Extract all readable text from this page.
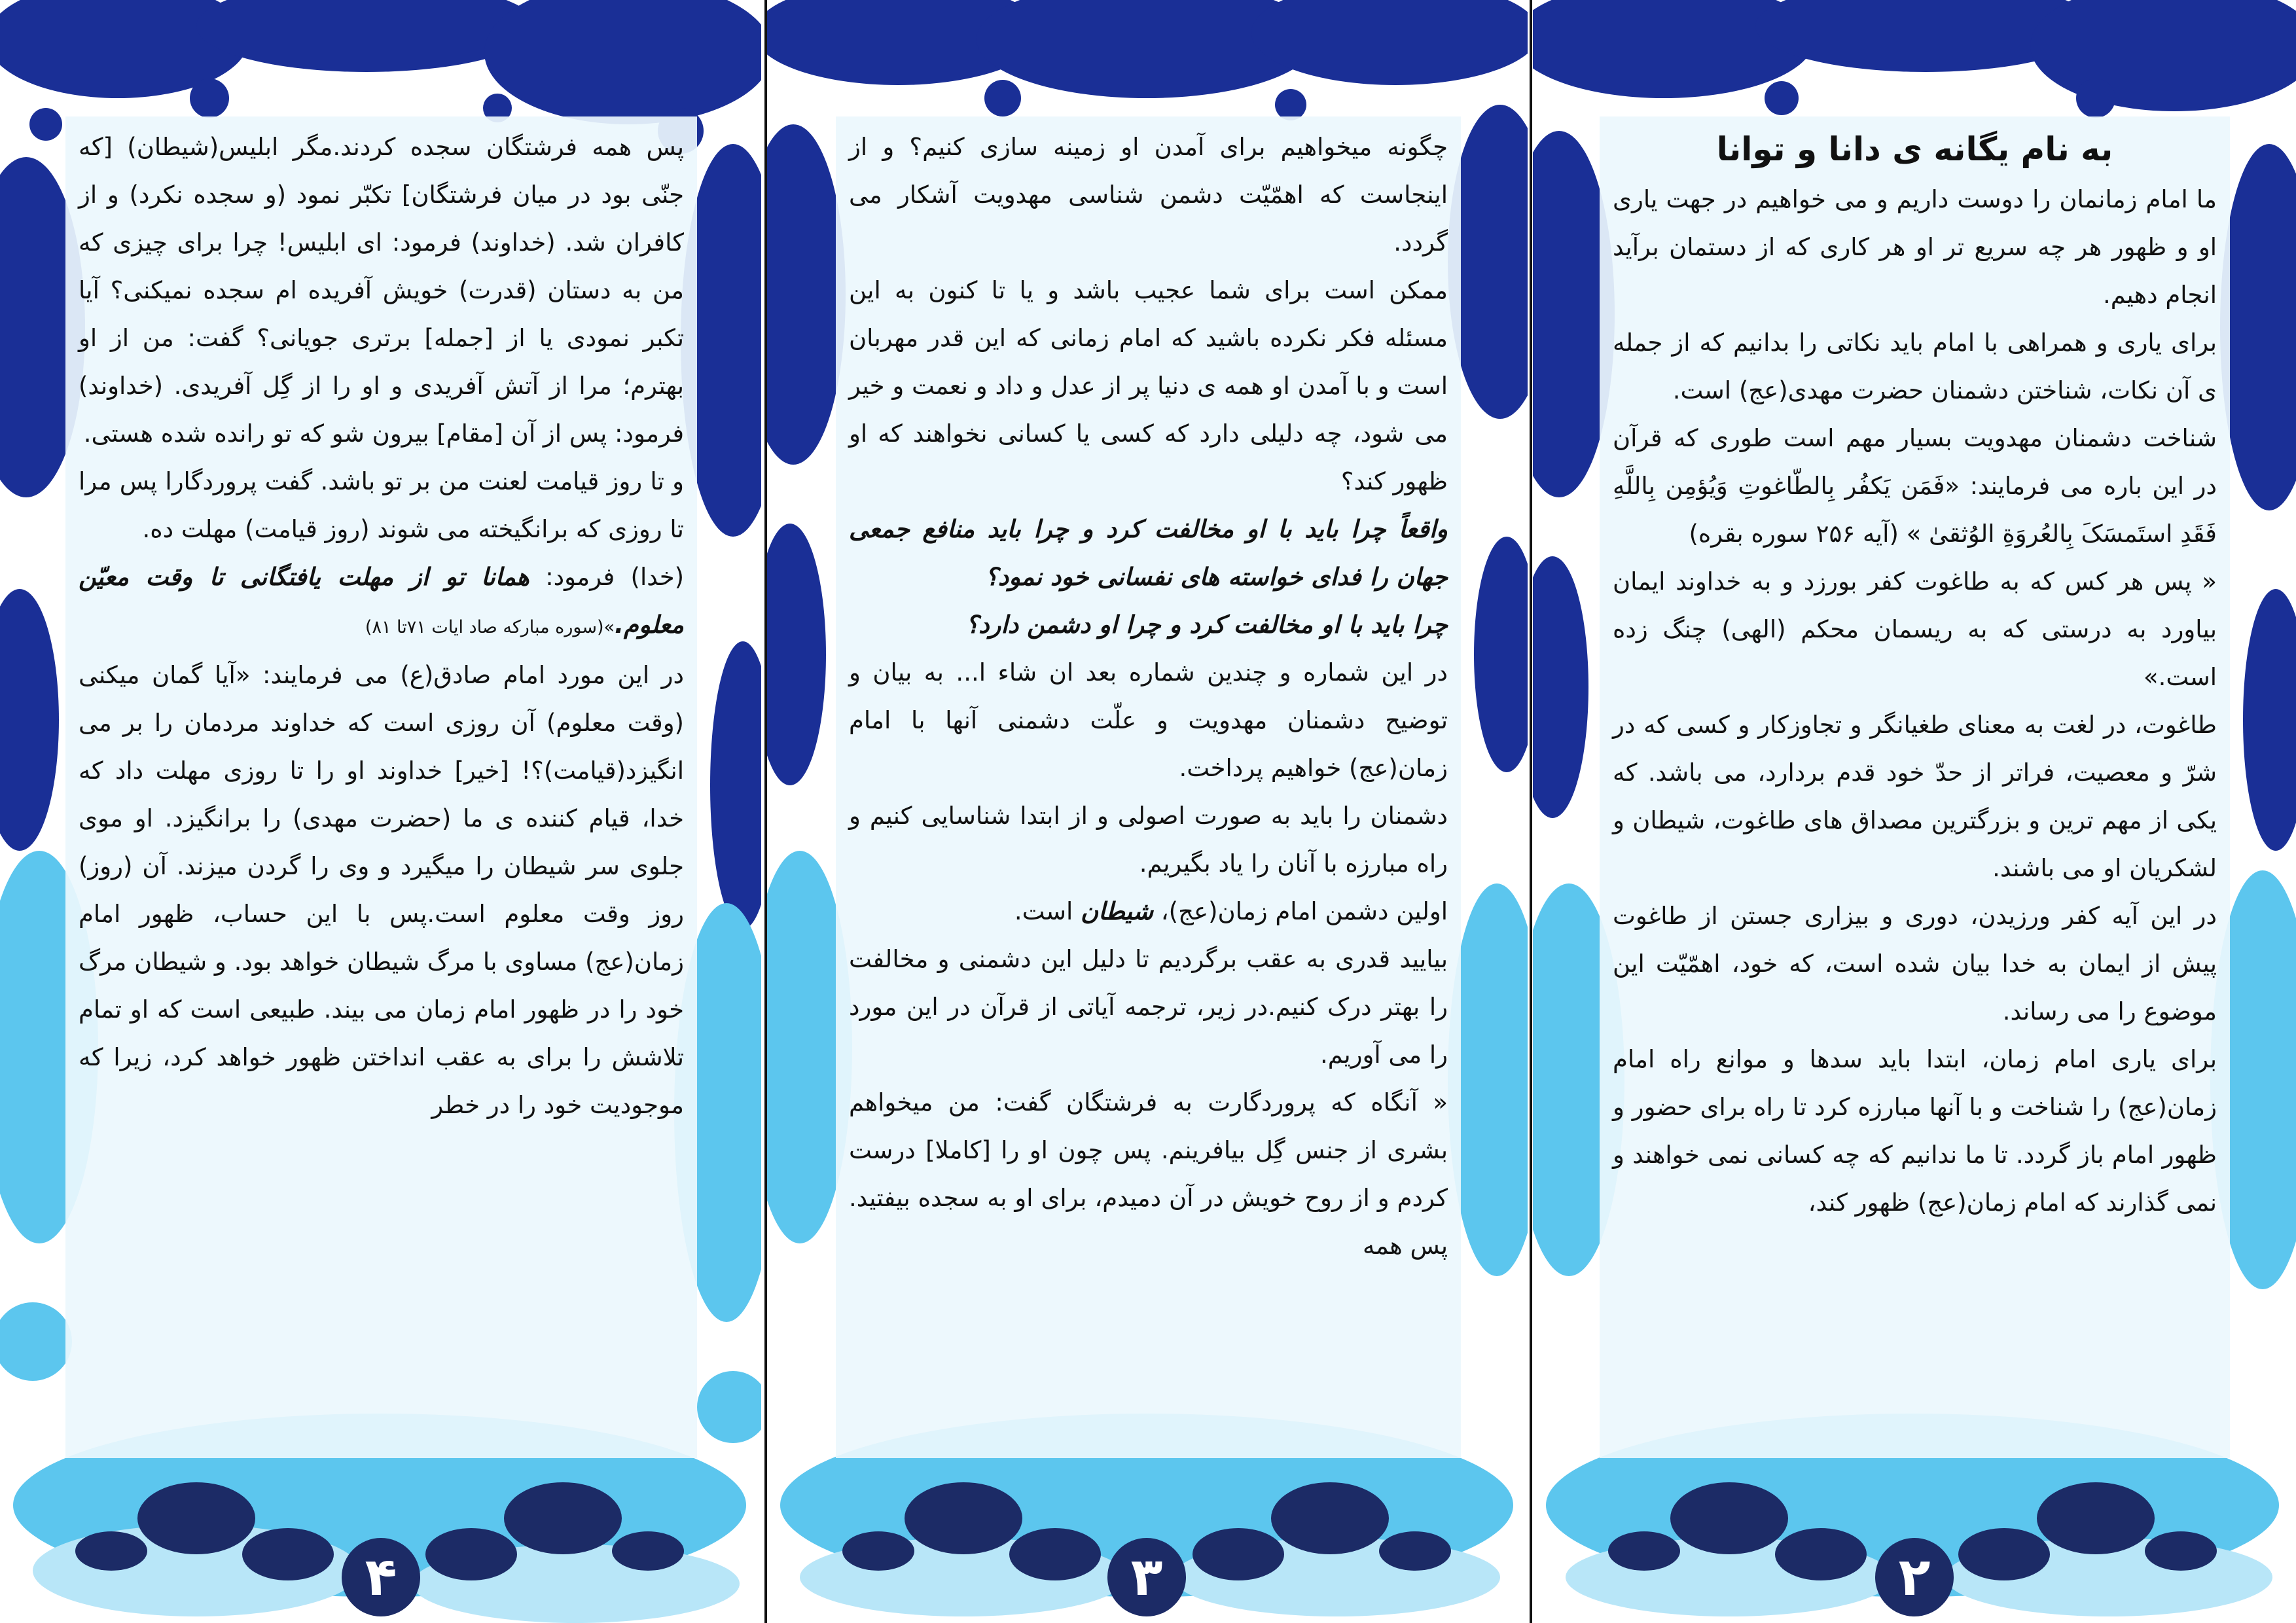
پس همه فرشتگان سجده کردند.مگر ابلیس(شیطان) [که جنّی بود در میان فرشتگان] تکبّر نمود (و سجده نکرد) و از کافران شد. (خداوند) فرمود: ای ابلیس! چرا برای چیزی که من به دستان (قدرت) خویش آفریده ام سجده نمیکنی؟ آیا تکبر نمودی یا از [جمله] برتری جویانی؟ گفت: من از او بهترم؛ مرا از آتش آفریدی و او را از گِل آفریدی. (خداوند) فرمود: پس از آن [مقام] بیرون شو که تو رانده شده هستی.

و تا روز قیامت لعنت من بر تو باشد. گفت پروردگارا پس مرا تا روزی که برانگیخته می شوند (روز قیامت) مهلت ده.

(خدا) فرمود: همانا تو از مهلت یافتگانی تا وقت معیّن معلوم.»(سوره مبارکه صاد ایات ۷۱تا ۸۱)

در این مورد امام صادق(ع) می فرمایند: «آیا گمان میکنی (وقت معلوم) آن روزی است که خداوند مردمان را بر می انگیزد(قیامت)؟! [خیر] خداوند او را تا روزی مهلت داد که خدا، قیام کننده ی ما (حضرت مهدی) را برانگیزد. او موی جلوی سر شیطان را میگیرد و وی را گردن میزند. آن (روز) روز وقت معلوم است.پس با این حساب، ظهور امام زمان(عج) مساوی با مرگ شیطان خواهد بود. و شیطان مرگ خود را در ظهور امام زمان می بیند. طبیعی است که او تمام تلاشش را برای به عقب انداختن ظهور خواهد کرد، زیرا که موجودیت خود را در خطر

۴

چگونه میخواهیم برای آمدن او زمینه سازی کنیم؟ و از اینجاست که اهمّیّت دشمن شناسی مهدویت آشکار می گردد.

ممکن است برای شما عجیب باشد و یا تا کنون به این مسئله فکر نکرده باشید که امام زمانی که این قدر مهربان است و با آمدن او همه ی دنیا پر از عدل و داد و نعمت و خیر می شود، چه دلیلی دارد که کسی یا کسانی نخواهند که او ظهور کند؟

واقعاً چرا باید با او مخالفت کرد و چرا باید منافع جمعی جهان را فدای خواسته های نفسانی خود نمود؟

چرا باید با او مخالفت کرد و چرا او دشمن دارد؟

در این شماره و چندین شماره بعد ان شاء ا... به بیان و توضیح دشمنان مهدویت و علّت دشمنی آنها با امام زمان(عج) خواهیم پرداخت.

دشمنان را باید به صورت اصولی و از ابتدا شناسایی کنیم و راه مبارزه با آنان را یاد بگیریم.

اولین دشمن امام زمان(عج)، شیطان است.

بیایید قدری به عقب برگردیم تا دلیل این دشمنی و مخالفت را بهتر درک کنیم.در زیر، ترجمه آیاتی از قرآن در این مورد را می آوریم.

« آنگاه که پروردگارت به فرشتگان گفت: من میخواهم بشری از جنس گِل بیافرینم. پس چون او را [کاملا] درست کردم و از روح خویش در آن دمیدم، برای او به سجده بیفتید. پس همه

۳

به نام یگانه ی دانا و توانا

ما امام زمانمان را دوست داریم و می خواهیم در جهت یاری او و ظهور هر چه سریع تر او هر کاری که از دستمان برآید انجام دهیم.

برای یاری و همراهی با امام باید نکاتی را بدانیم که از جمله ی آن نکات، شناختن دشمنان حضرت مهدی(عج) است.

شناخت دشمنان مهدویت بسیار مهم است طوری که قرآن در این باره می فرمایند: «فَمَن یَکفُر بِالطّاغوتِ وَیُؤمِن بِاللَّهِ فَقَدِ استَمسَکَ بِالعُروَةِ الوُثقىٰ » (آیه ۲۵۶ سوره بقره)

« پس هر کس که به طاغوت کفر بورزد و به خداوند ایمان بیاورد به درستی که به ریسمان محکم (الهی) چنگ زده است.»

طاغوت، در لغت به معنای طغیانگر و تجاوزکار و کسی که در شرّ و معصیت، فراتر از حدّ خود قدم بردارد، می باشد. که یکی از مهم ترین و بزرگترین مصداق های طاغوت، شیطان و لشکریان او می باشند.

در این آیه کفر ورزیدن، دوری و بیزاری جستن از طاغوت پیش از ایمان به خدا بیان شده است، که خود، اهمّیّت این موضوع را می رساند.

برای یاری امام زمان، ابتدا باید سدها و موانع راه امام زمان(عج) را شناخت و با آنها مبارزه کرد تا راه برای حضور و ظهور امام باز گردد. تا ما ندانیم که چه کسانی نمی خواهند و نمی گذارند که امام زمان(عج) ظهور کند،

۲
